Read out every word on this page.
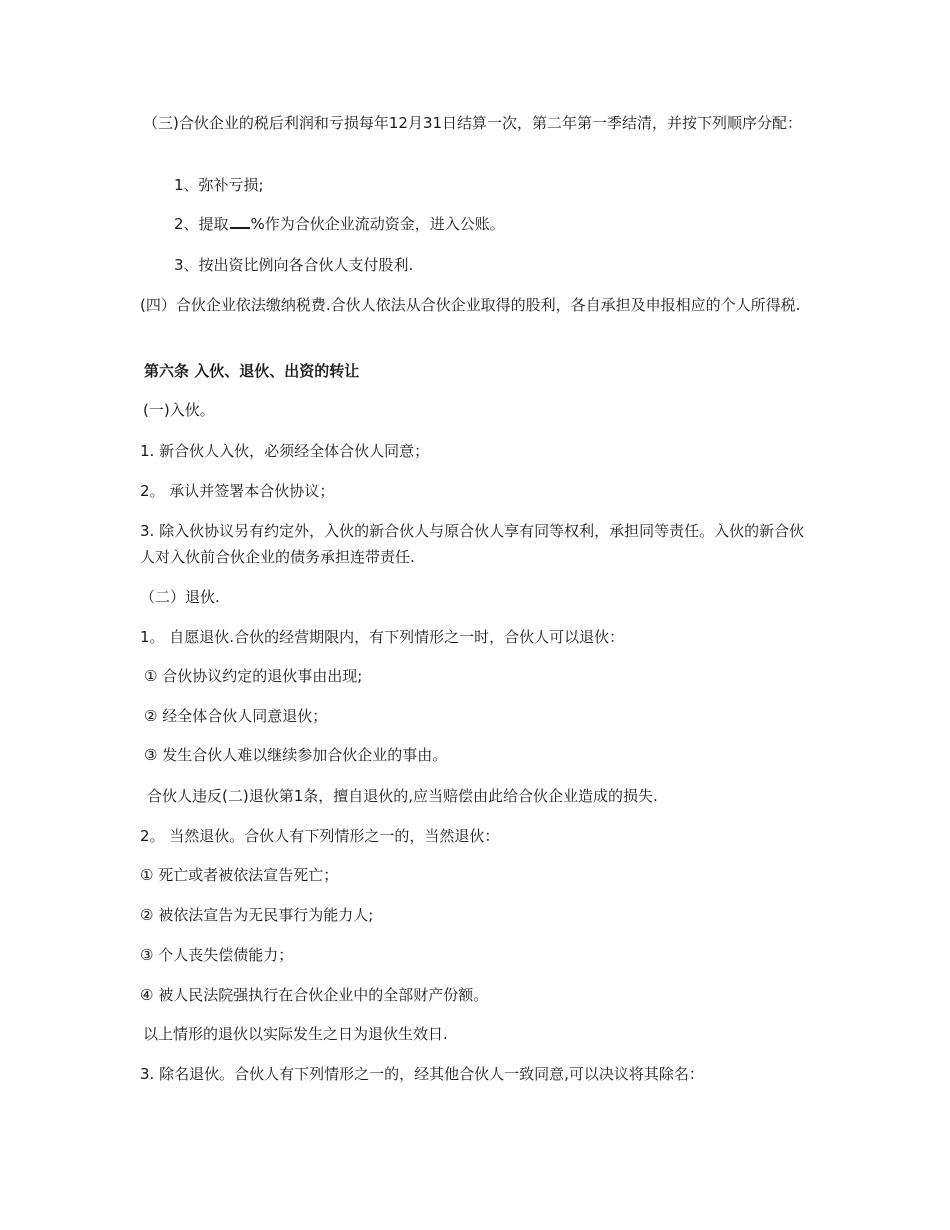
（三)合伙企业的税后利润和亏损每年12月31日结算一次，第二年第一季结清，并按下列顺序分配：

1、弥补亏损;

2、提取 %作为合伙企业流动资金，进入公账。

3、按出资比例向各合伙人支付股利.

(四）合伙企业依法缴纳税费.合伙人依法从合伙企业取得的股利，各自承担及申报相应的个人所得税.

第六条 入伙、退伙、出资的转让

(一)入伙。

1. 新合伙人入伙，必须经全体合伙人同意；

2。 承认并签署本合伙协议；

3. 除入伙协议另有约定外，入伙的新合伙人与原合伙人享有同等权利，承担同等责任。入伙的新合伙人对入伙前合伙企业的债务承担连带责任.

（二）退伙.

1。 自愿退伙.合伙的经营期限内，有下列情形之一时，合伙人可以退伙：

① 合伙协议约定的退伙事由出现;

② 经全体合伙人同意退伙；

③ 发生合伙人难以继续参加合伙企业的事由。

合伙人违反(二)退伙第1条，擅自退伙的,应当赔偿由此给合伙企业造成的损失.

2。 当然退伙。合伙人有下列情形之一的，当然退伙：

① 死亡或者被依法宣告死亡；

② 被依法宣告为无民事行为能力人;

③ 个人丧失偿债能力；

④ 被人民法院强执行在合伙企业中的全部财产份额。

以上情形的退伙以实际发生之日为退伙生效日.

3. 除名退伙。合伙人有下列情形之一的，经其他合伙人一致同意,可以决议将其除名：
